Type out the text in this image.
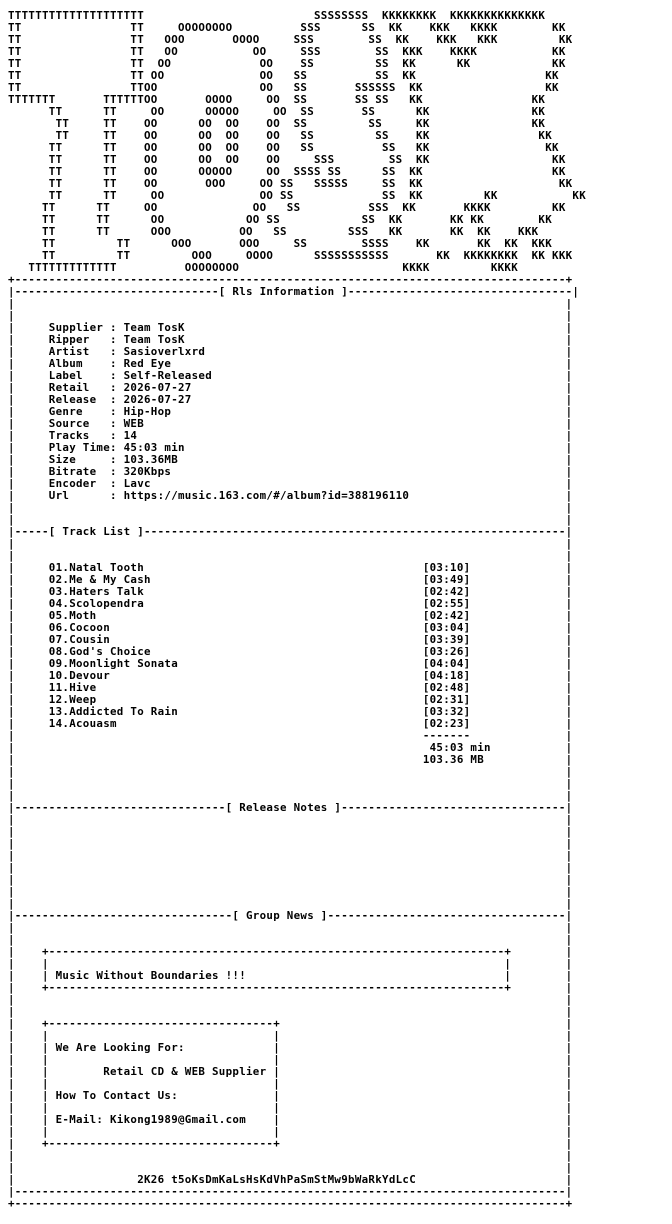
TTTTTTTTTTTTTTTTTTTT                         SSSSSSSS  KKKKKKKK  KKKKKKKKKKKKKK
TT                TT     OOOOOOOO          SSS      SS  KK    KKK   KKKK        KK
TT                TT   OOO       OOOO     SSS        SS  KK    KKK   KKK         KK
TT                TT   OO           OO     SSS        SS  KKK    KKKK           KK
TT                TT  OO             OO    SS         SS  KK      KK            KK
TT                TT OO              OO   SS          SS  KK                   KK
TT                TTOO               OO   SS       SSSSSS  KK                  KK
TTTTTTT       TTTTTTOO       OOOO     OO  SS       SS SS   KK                KK
TT      TT     OO      OOOOO     OO  SS       SS      KK               KK
TT     TT    OO      OO  OO    OO  SS         SS     KK               KK
TT     TT    OO      OO  OO    OO   SS         SS    KK                KK
TT      TT    OO      OO  OO    OO   SS          SS   KK                 KK
TT      TT    OO      OO  OO    OO     SSS        SS  KK                  KK
TT      TT    OO      OOOOO     OO  SSSS SS      SS  KK                   KK
TT      TT    OO       OOO     OO SS   SSSSS     SS  KK                    KK
TT      TT     OO              OO SS             SS  KK         KK           KK
TT      TT     OO              OO   SS          SSS  KK       KKKK         KK
TT      TT      OO            OO SS            SS  KK       KK KK        KK
TT      TT      OOO          OO   SS         SSS   KK       KK  KK    KKK
TT         TT      OOO       OOO     SS        SSSS    KK       KK  KK  KKK
TT         TT         OOO     OOOO      SSSSSSSSSSS       KK  KKKKKKKK  KK KKK
TTTTTTTTTTTTT          OOOOOOOO                        KKKK         KKKK
+---------------------------------------------------------------------------------+
|------------------------------[ Rls Information ]---------------------------------|
|                                                                                 |
|                                                                                 |
|     Supplier : Team TosK                                                        |
|     Ripper   : Team TosK                                                        |
|     Artist   : Sasioverlxrd                                                     |
|     Album    : Red Eye                                                          |
|     Label    : Self-Released                                                    |
|     Retail   : 2026-07-27                                                       |
|     Release  : 2026-07-27                                                       |
|     Genre    : Hip-Hop                                                          |
|     Source   : WEB                                                              |
|     Tracks   : 14                                                               |
|     Play Time: 45:03 min                                                        |
|     Size     : 103.36MB                                                         |
|     Bitrate  : 320Kbps                                                          |
|     Encoder  : Lavc                                                             |
|     Url      : https://music.163.com/#/album?id=388196110                       |
|                                                                                 |
|                                                                                 |
|-----[ Track List ]--------------------------------------------------------------|
|                                                                                 |
|                                                                                 |
|     01.Natal Tooth                                         [03:10]              |
|     02.Me & My Cash                                        [03:49]              |
|     03.Haters Talk                                         [02:42]              |
|     04.Scolopendra                                         [02:55]              |
|     05.Moth                                                [02:42]              |
|     06.Cocoon                                              [03:04]              |
|     07.Cousin                                              [03:39]              |
|     08.God's Choice                                        [03:26]              |
|     09.Moonlight Sonata                                    [04:04]              |
|     10.Devour                                              [04:18]              |
|     11.Hive                                                [02:48]              |
|     12.Weep                                                [02:31]              |
|     13.Addicted To Rain                                    [03:32]              |
|     14.Acouasm                                             [02:23]              |
|                                                            -------              |
|                                                             45:03 min           |
|                                                            103.36 MB            |
|                                                                                 |
|                                                                                 |
|                                                                                 |
|-------------------------------[ Release Notes ]---------------------------------|
|                                                                                 |
|                                                                                 |
|                                                                                 |
|                                                                                 |
|                                                                                 |
|                                                                                 |
|                                                                                 |
|                                                                                 |
|--------------------------------[ Group News ]-----------------------------------|
|                                                                                 |
|                                                                                 |
|    +-------------------------------------------------------------------+        |
|    |                                                                   |        |
|    | Music Without Boundaries !!!                                      |        |
|    +-------------------------------------------------------------------+        |
|                                                                                 |
|                                                                                 |
|    +---------------------------------+                                          |
|    |                                 |                                          |
|    | We Are Looking For:             |                                          |
|    |                                 |                                          |
|    |        Retail CD & WEB Supplier |                                          |
|    |                                 |                                          |
|    | How To Contact Us:              |                                          |
|    |                                 |                                          |
|    | E-Mail: Kikong1989@Gmail.com    |                                          |
|    |                                 |                                          |
|    +---------------------------------+                                          |
|                                                                                 |
|                                                                                 |
|                  2K26 t5oKsDmKaLsHsKdVhPaSmStMw9bWaRkYdLcC                      |
|---------------------------------------------------------------------------------|
+---------------------------------------------------------------------------------+
